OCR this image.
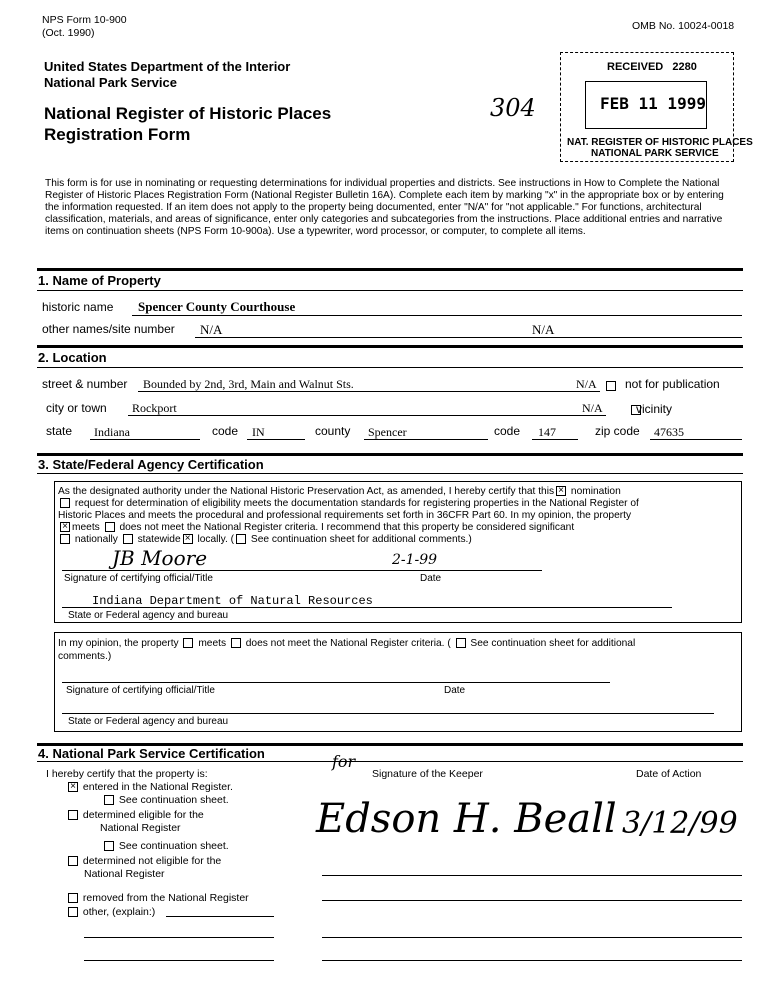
NPS Form 10-900
(Oct. 1990)
OMB No. 10024-0018
United States Department of the Interior
National Park Service
National Register of Historic Places
Registration Form
304
RECEIVED 2280
FEB 11 1999
NAT. REGISTER OF HISTORIC PLACES
NATIONAL PARK SERVICE
This form is for use in nominating or requesting determinations for individual properties and districts. See instructions in How to Complete the National Register of Historic Places Registration Form (National Register Bulletin 16A). Complete each item by marking "x" in the appropriate box or by entering the information requested. If an item does not apply to the property being documented, enter "N/A" for "not applicable." For functions, architectural classification, materials, and areas of significance, enter only categories and subcategories from the instructions. Place additional entries and narrative items on continuation sheets (NPS Form 10-900a). Use a typewriter, word processor, or computer, to complete all items.
1. Name of Property
historic name Spencer County Courthouse
other names/site number N/A	N/A
2. Location
street & number Bounded by 2nd, 3rd, Main and Walnut Sts.	N/A
not for publication
city or town Rockport	N/A	vicinity
state Indiana	code IN	county Spencer	code 147	zip code 47635
3. State/Federal Agency Certification
As the designated authority under the National Historic Preservation Act, as amended, I hereby certify that this × nomination
request for determination of eligibility meets the documentation standards for registering properties in the National Register of
Historic Places and meets the procedural and professional requirements set forth in 36CFR Part 60. In my opinion, the property
×meets does not meet the National Register criteria. I recommend that this property be considered significant
nationally statewide × locally. ( See continuation sheet for additional comments.)
JB Moore	2-1-99
Signature of certifying official/Title	Date
Indiana Department of Natural Resources
State or Federal agency and bureau
In my opinion, the property meets does not meet the National Register criteria. ( See continuation sheet for additional
comments.)
Signature of certifying official/Title	Date
State or Federal agency and bureau
4. National Park Service Certification
I hereby certify that the property is:
× entered in the National Register.
See continuation sheet.
determined eligible for the
National Register
See continuation sheet.
determined not eligible for the
National Register
removed from the National Register
other, (explain:)
for
Signature of the Keeper	Date of Action
Edson H. Beall 3/12/99
